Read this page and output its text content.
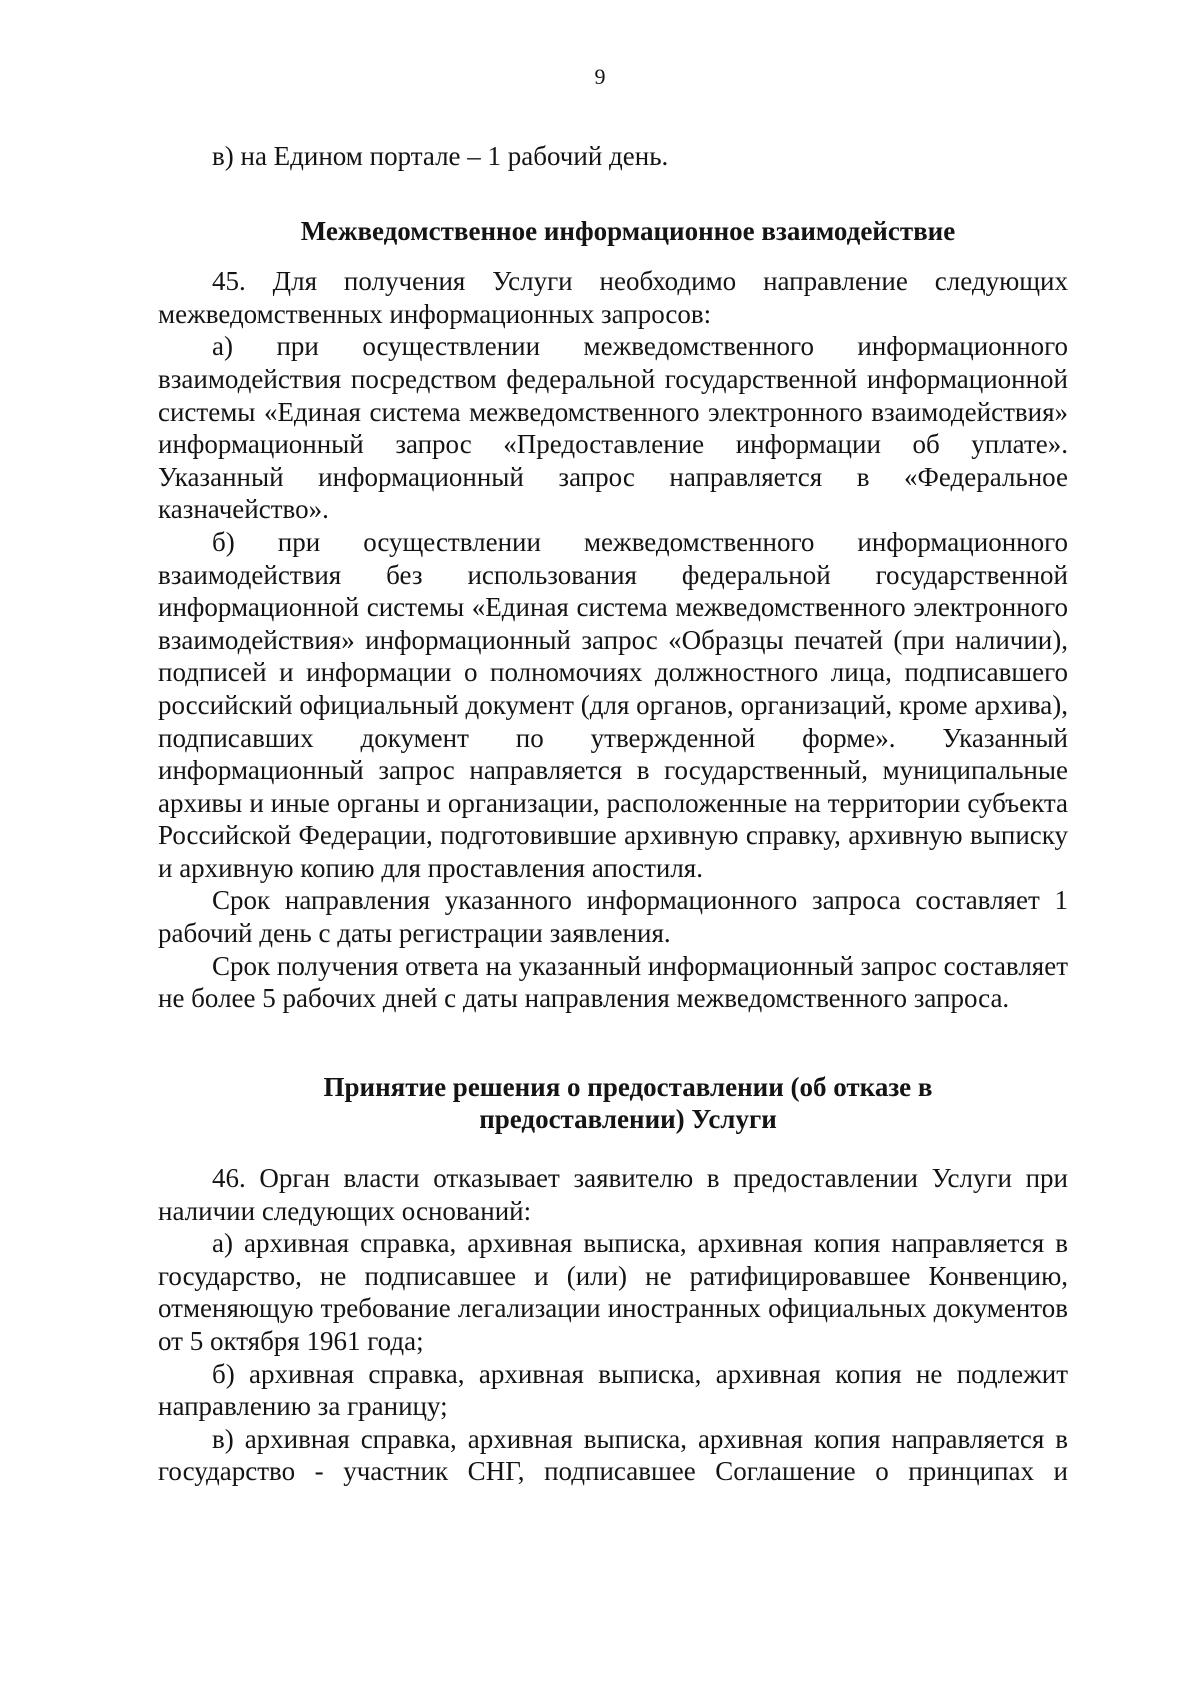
9

в) на Едином портале – 1 рабочий день.

Межведомственное информационное взаимодействие

45. Для получения Услуги необходимо направление следующих межведомственных информационных запросов:

а) при осуществлении межведомственного информационного взаимодействия посредством федеральной государственной информационной системы «Единая система межведомственного электронного взаимодействия» информационный запрос «Предоставление информации об уплате». Указанный информационный запрос направляется в «Федеральное казначейство».

б) при осуществлении межведомственного информационного взаимодействия без использования федеральной государственной информационной системы «Единая система межведомственного электронного взаимодействия» информационный запрос «Образцы печатей (при наличии), подписей и информации о полномочиях должностного лица, подписавшего российский официальный документ (для органов, организаций, кроме архива), подписавших документ по утвержденной форме». Указанный информационный запрос направляется в государственный, муниципальные архивы и иные органы и организации, расположенные на территории субъекта Российской Федерации, подготовившие архивную справку, архивную выписку и архивную копию для проставления апостиля.

Срок направления указанного информационного запроса составляет 1 рабочий день с даты регистрации заявления.

Срок получения ответа на указанный информационный запрос составляет не более 5 рабочих дней с даты направления межведомственного запроса.

Принятие решения о предоставлении (об отказе в
предоставлении) Услуги

46. Орган власти отказывает заявителю в предоставлении Услуги при наличии следующих оснований:

а) архивная справка, архивная выписка, архивная копия направляется в государство, не подписавшее и (или) не ратифицировавшее Конвенцию, отменяющую требование легализации иностранных официальных документов от 5 октября 1961 года;

б) архивная справка, архивная выписка, архивная копия не подлежит направлению за границу;

в) архивная справка, архивная выписка, архивная копия направляется в государство - участник СНГ, подписавшее Соглашение о принципах и
